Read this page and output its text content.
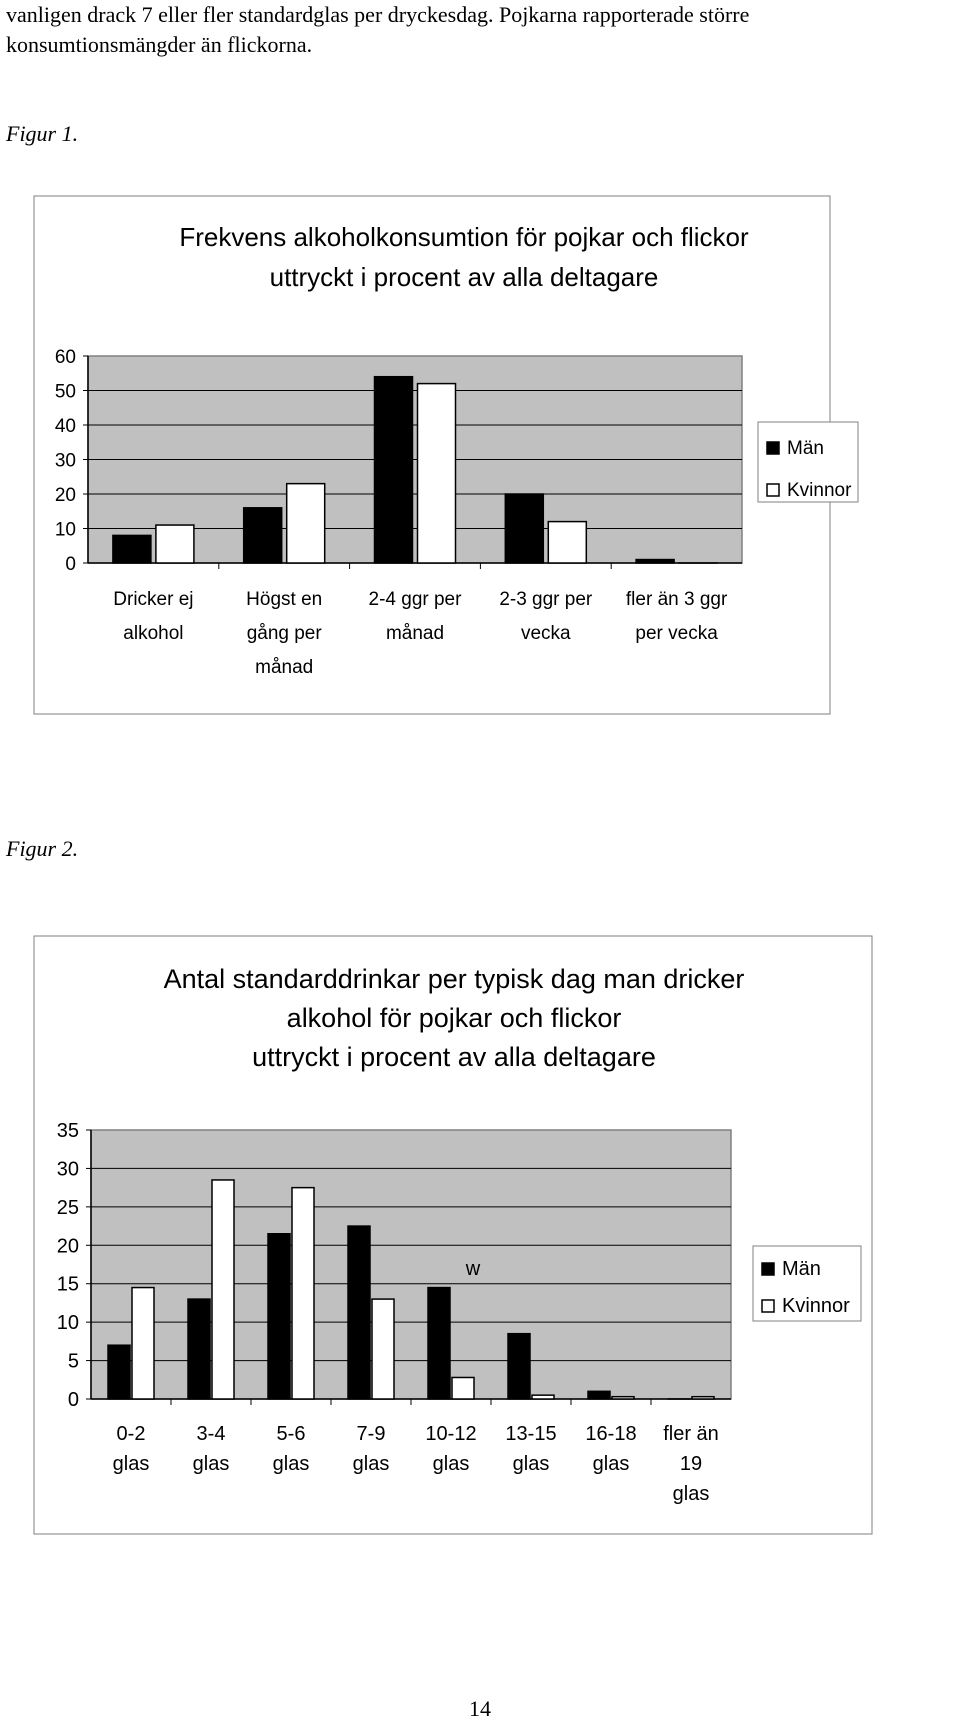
vanligen drack 7 eller fler standardglas per dryckesdag. Pojkarna rapporterade större
konsumtionsmängder än flickorna.
Figur 1.
Figur 2.
Frekvens alkoholkonsumtion för pojkar och flickor
uttryckt i procent av alla deltagare
0
10
20
30
40
50
60
Dricker ej
alkohol
Högst en
gång per
månad
2-4 ggr per
månad
2-3 ggr per
vecka
fler än 3 ggr
per vecka
Män
Kvinnor
Antal standarddrinkar per typisk dag man dricker
alkohol för pojkar och flickor
uttryckt i procent av alla deltagare
0
5
10
15
20
25
30
35
0-2
glas
3-4
glas
5-6
glas
7-9
glas
10-12
glas
13-15
glas
16-18
glas
fler än
19
glas
w	Män
Kvinnor
14
